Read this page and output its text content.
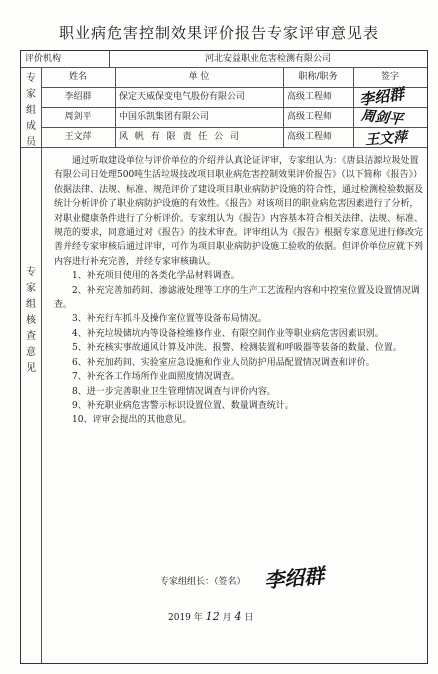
职业病危害控制效果评价报告专家评审意见表
评价机构	河北安益职业危害检测有限公司
专
家
组
成
员
姓名	单 位	职称/职务	签字
李绍群	保定天威保变电气股份有限公司	高级工程师 李绍群
周剑平	中国乐凯集团有限公司	高级工程师 周剑平
王文萍	风 帆 有 限 责 任 公 司	高级工程师 王文萍
专
家
组
核
查
意
见

通过听取建设单位与评价单位的介绍并认真论证评审，专家组认为：《唐县洁源垃圾处置有限公司日处理500吨生活垃圾技改项目职业病危害控制效果评价报告》（以下简称《报告》）依据法律、法规、标准、规范评价了建设项目职业病防护设施的符合性，通过检测检验数据及统计分析评价了职业病防护设施的有效性。《报告》对该项目的职业病危害因素进行了分析，对职业健康条件进行了分析评价。专家组认为《报告》内容基本符合相关法律、法规、标准、规范的要求，同意通过对《报告》的技术审查。评审组认为《报告》根据专家意见进行修改完善并经专家审核后通过评审，可作为项目职业病防护设施工验收的依据。但评价单位应就下列内容进行补充完善，并经专家审核确认。

1、补充项目使用的各类化学品材料调查。

2、补充完善加药间、渗滤液处理等工序的生产工艺流程内容和中控室位置及设置情况调查。

3、补充行车抓斗及操作室位置等设备布局情况。

4、补充垃圾储坑内等设备检维修作业、有限空间作业等职业病危害因素识别。

5、补充核实事故通风计算及冲洗、报警、检测装置和呼吸器等装备的数量、位置。

6、补充加药间、实验室应急设施和作业人员防护用品配置情况调查和评价。

7、补充各工作场所作业面照度情况调查。

8、进一步完善职业卫生管理情况调查与评价内容。

9、补充职业病危害警示标识设置位置、数量调查统计。

10、评审会提出的其他意见。

专家组组长：（签名） 李绍群
2019 年 12 月 4 日
